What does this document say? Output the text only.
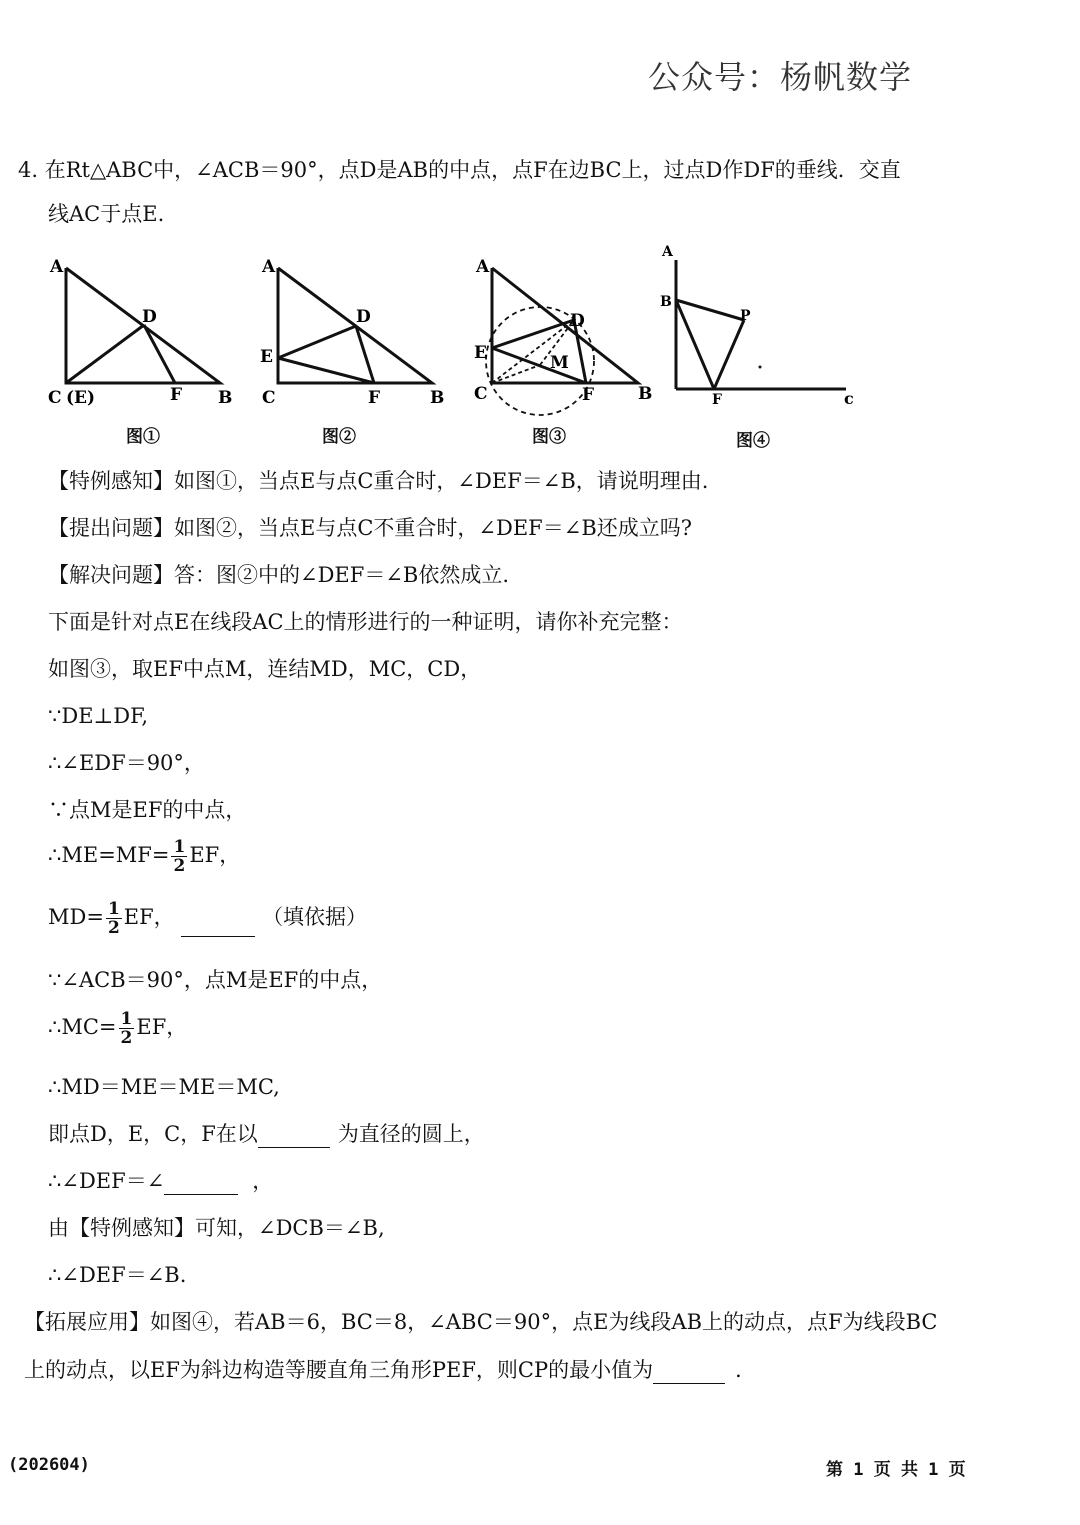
公众号：杨帆数学
4. 在Rt△ABC中，∠ACB＝90°，点D是AB的中点，点F在边BC上，过点D作DF的垂线．交直
线AC于点E.
A
D
C (E)	F B
图①
A
D
E
C	F	B
图②
A
D
E	M
C	F	B
图③
A
B
P
F	c
图④
【特例感知】如图①，当点E与点C重合时，∠DEF＝∠B，请说明理由.
【提出问题】如图②，当点E与点C不重合时，∠DEF＝∠B还成立吗?
【解决问题】答：图②中的∠DEF＝∠B依然成立.
下面是针对点E在线段AC上的情形进行的一种证明，请你补充完整：
如图③，取EF中点M，连结MD，MC，CD，
∵DE⊥DF,
∴∠EDF＝90°，
∵点M是EF的中点，
∴ME=MF= $\frac{1}{2}$ EF，
$MD= \frac{1}{2}$ EF，	（填依据）
∵∠ACB＝90°，点M是EF的中点，
∴MC= $\frac{1}{2}$ EF，
∴MD＝ME＝ME＝MC,
即点D，E，C，F在以	为直径的圆上，
∴∠DEF＝∠	，
由【特例感知】可知，∠DCB＝∠B,
∴∠DEF＝∠B.
【拓展应用】如图④，若AB＝6，BC＝8，∠ABC＝90°，点E为线段AB上的动点，点F为线段BC
上的动点，以EF为斜边构造等腰直角三角形PEF，则CP的最小值为	．
(202604)	第 1 页 共 1 页
